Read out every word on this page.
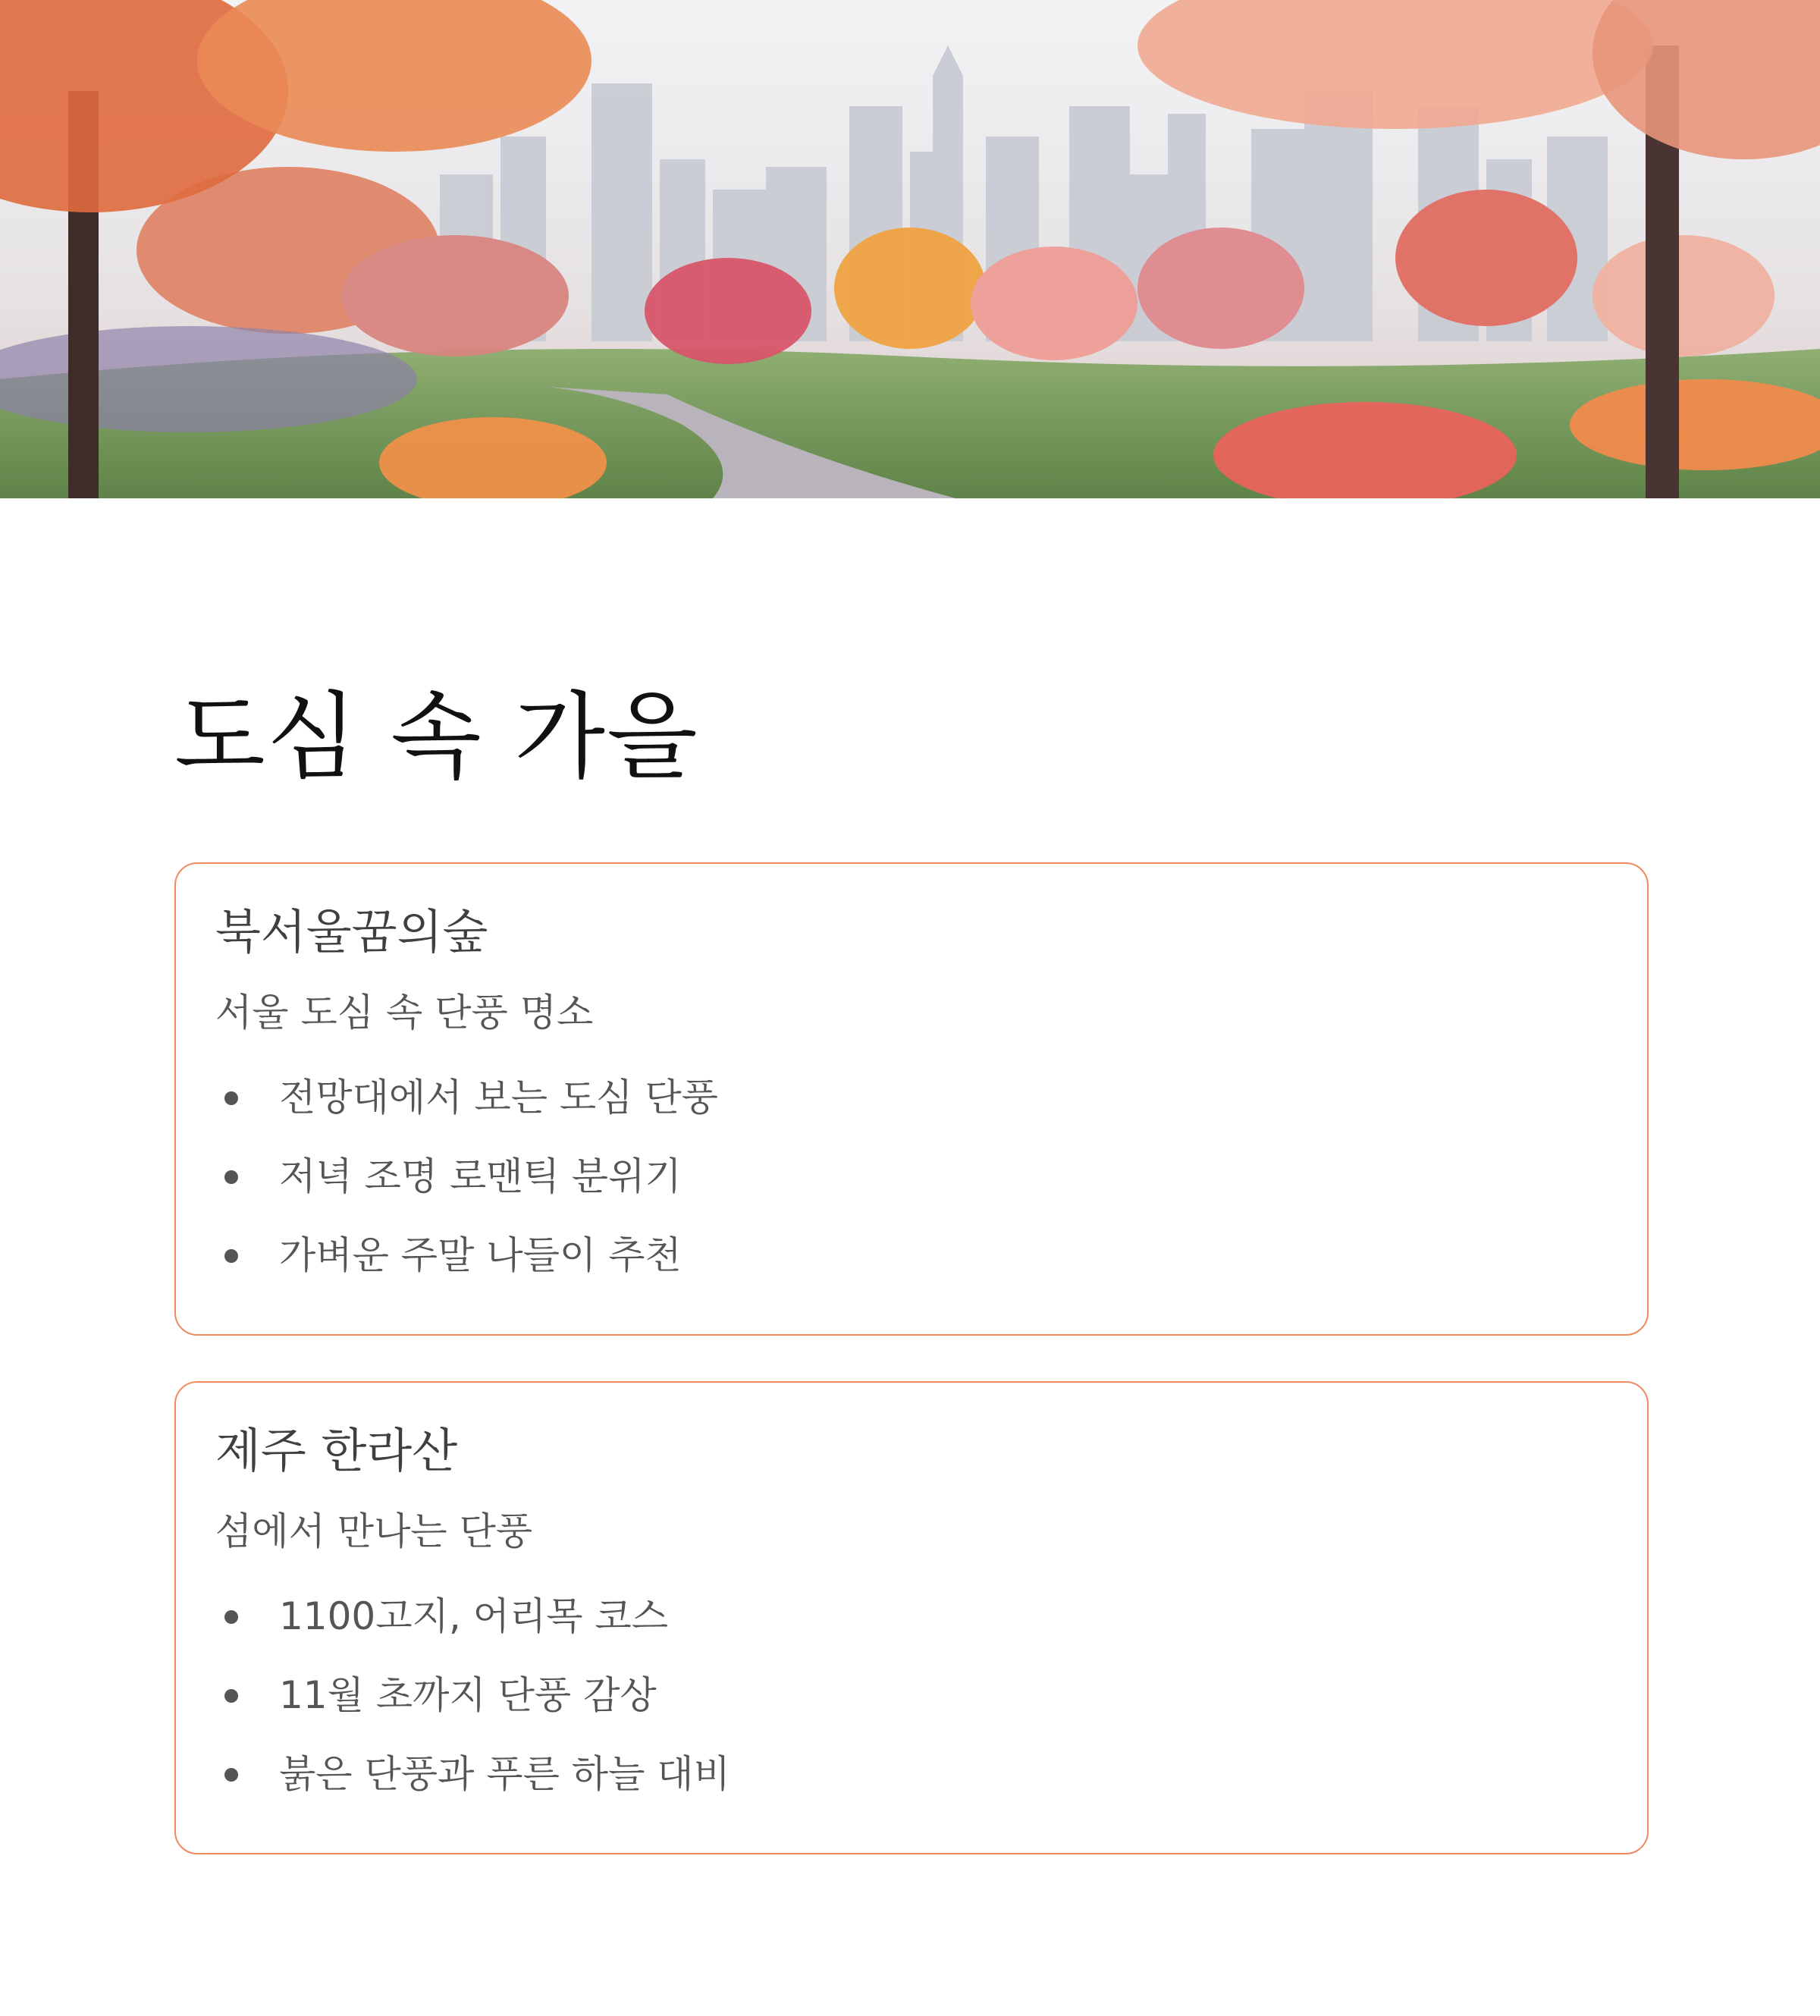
도심 속 가을
북서울꿈의숲

서울 도심 속 단풍 명소

전망대에서 보는 도심 단풍
저녁 조명 로맨틱 분위기
가벼운 주말 나들이 추천
제주 한라산

섬에서 만나는 단풍

1100고지, 어리목 코스
11월 초까지 단풍 감상
붉은 단풍과 푸른 하늘 대비
